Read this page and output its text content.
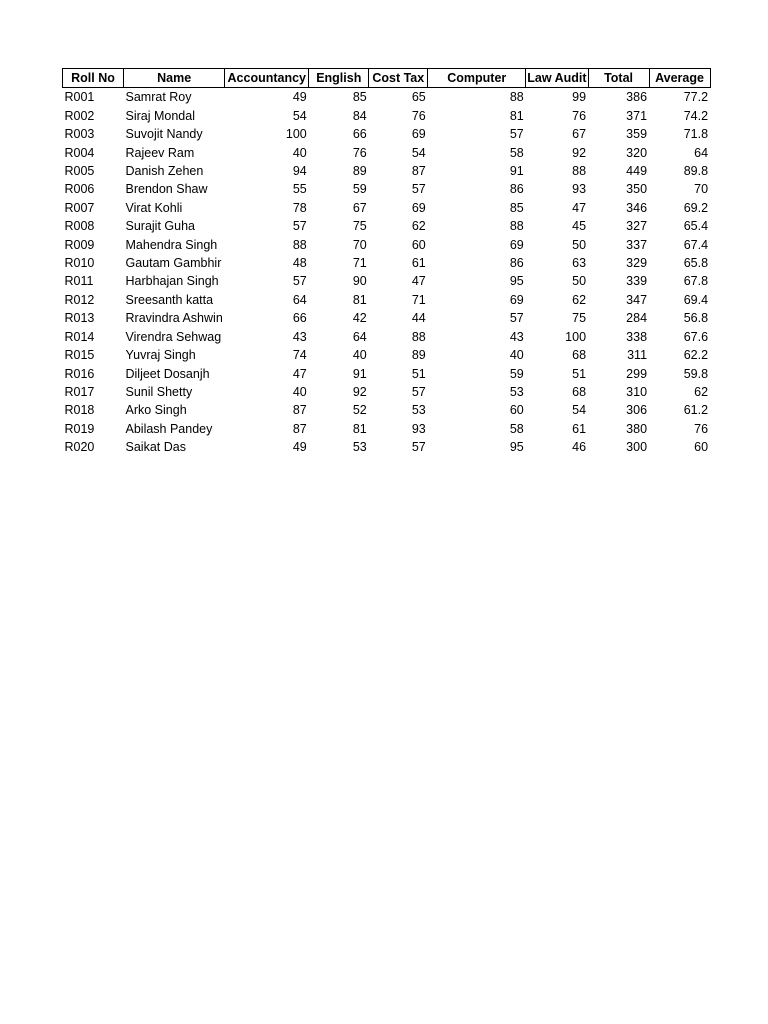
Roll No	Name	Accountancy	English	Cost Tax	Computer	Law Audit	Total	Average
R001	Samrat Roy	49	85	65	88	99	386	77.2
R002	Siraj Mondal	54	84	76	81	76	371	74.2
R003	Suvojit Nandy	100	66	69	57	67	359	71.8
R004	Rajeev Ram	40	76	54	58	92	320	64
R005	Danish Zehen	94	89	87	91	88	449	89.8
R006	Brendon Shaw	55	59	57	86	93	350	70
R007	Virat Kohli	78	67	69	85	47	346	69.2
R008	Surajit Guha	57	75	62	88	45	327	65.4
R009	Mahendra Singh	88	70	60	69	50	337	67.4
R010	Gautam Gambhir	48	71	61	86	63	329	65.8
R011	Harbhajan Singh	57	90	47	95	50	339	67.8
R012	Sreesanth katta	64	81	71	69	62	347	69.4
R013	Rravindra Ashwin	66	42	44	57	75	284	56.8
R014	Virendra Sehwag	43	64	88	43	100	338	67.6
R015	Yuvraj Singh	74	40	89	40	68	311	62.2
R016	Diljeet Dosanjh	47	91	51	59	51	299	59.8
R017	Sunil Shetty	40	92	57	53	68	310	62
R018	Arko Singh	87	52	53	60	54	306	61.2
R019	Abilash Pandey	87	81	93	58	61	380	76
R020	Saikat Das	49	53	57	95	46	300	60
